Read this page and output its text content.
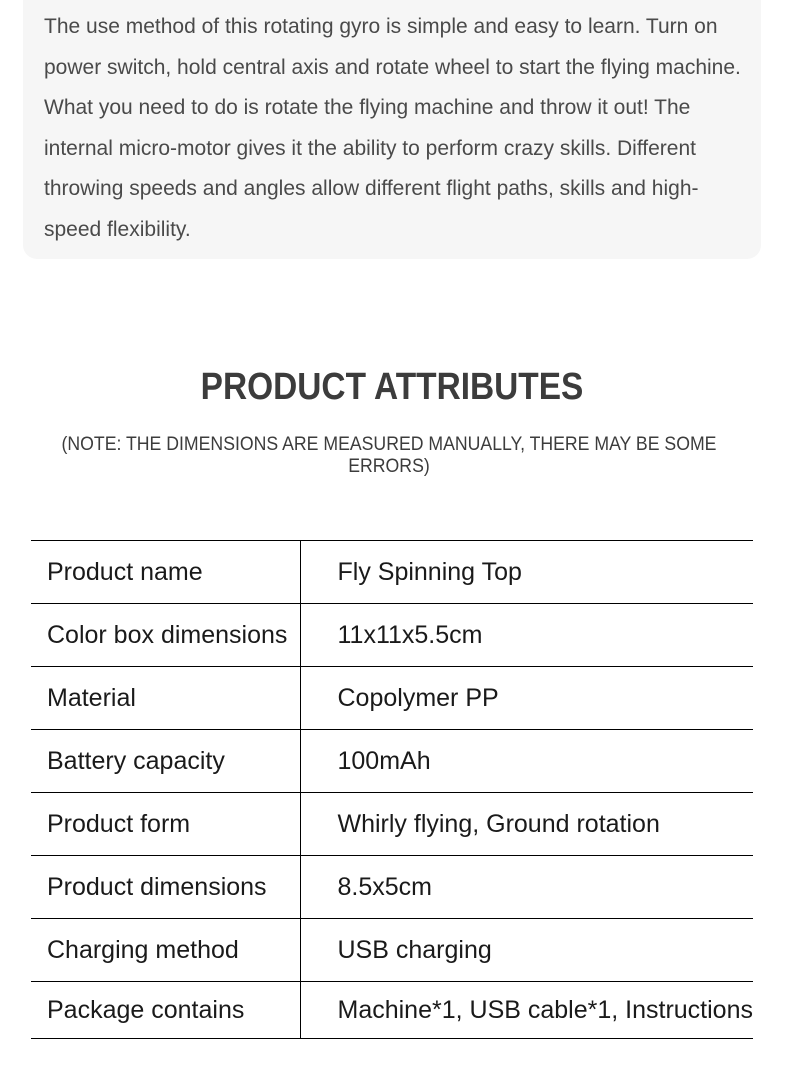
The use method of this rotating gyro is simple and easy to learn. Turn on power switch, hold central axis and rotate wheel to start the flying machine. What you need to do is rotate the flying machine and throw it out! The internal micro-motor gives it the ability to perform crazy skills. Different throwing speeds and angles allow different flight paths, skills and high-speed flexibility.

PRODUCT ATTRIBUTES

(NOTE: THE DIMENSIONS ARE MEASURED MANUALLY, THERE MAY BE SOME ERRORS)

Product name	Fly Spinning Top
Color box dimensions	11x11x5.5cm
Material	Copolymer PP
Battery capacity	100mAh
Product form	Whirly flying, Ground rotation
Product dimensions	8.5x5cm
Charging method	USB charging
Package contains	Machine*1, USB cable*1, Instructions
